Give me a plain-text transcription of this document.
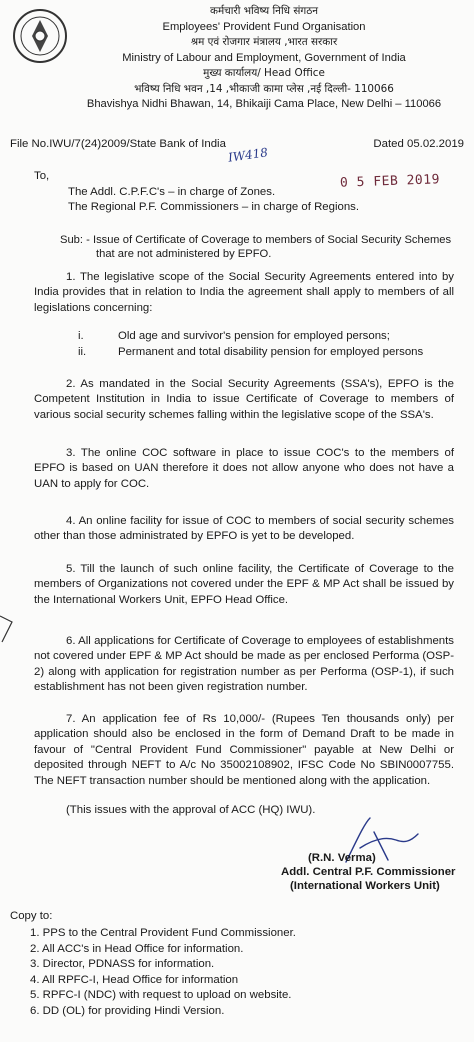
कर्मचारी भविष्य निधि संगठन
Employees' Provident Fund Organisation
श्रम एवं रोजगार मंत्रालय ,भारत सरकार
Ministry of Labour and Employment, Government of India
मुख्य कार्यालय/ Head Office
भविष्य निधि भवन ,14 ,भीकाजी कामा प्लेस ,नई दिल्ली- 110066
Bhavishya Nidhi Bhawan, 14, Bhikaiji Cama Place, New Delhi – 110066
File No.IWU/7(24)2009/State Bank of India	Dated 05.02.2019
IW418
0 5 FEB 2019
To,
The Addl. C.P.F.C's – in charge of Zones.
The Regional P.F. Commissioners – in charge of Regions.
Sub: - Issue of Certificate of Coverage to members of Social Security Schemes
that are not administered by EPFO.
1. The legislative scope of the Social Security Agreements entered into by India provides that in relation to India the agreement shall apply to members of all legislations concerning:
i.	Old age and survivor's pension for employed persons;
ii.	Permanent and total disability pension for employed persons
2. As mandated in the Social Security Agreements (SSA's), EPFO is the Competent Institution in India to issue Certificate of Coverage to members of various social security schemes falling within the legislative scope of the SSA's.
3. The online COC software in place to issue COC's to the members of EPFO is based on UAN therefore it does not allow anyone who does not have a UAN to apply for COC.
4. An online facility for issue of COC to members of social security schemes other than those administrated by EPFO is yet to be developed.
5. Till the launch of such online facility, the Certificate of Coverage to the members of Organizations not covered under the EPF & MP Act shall be issued by the International Workers Unit, EPFO Head Office.
6. All applications for Certificate of Coverage to employees of establishments not covered under EPF & MP Act should be made as per enclosed Performa (OSP-2) along with application for registration number as per Performa (OSP-1), if such establishment has not been given registration number.
7. An application fee of Rs 10,000/- (Rupees Ten thousands only) per application should also be enclosed in the form of Demand Draft to be made in favour of "Central Provident Fund Commissioner" payable at New Delhi or deposited through NEFT to A/c No 35002108902, IFSC Code No SBIN0007755. The NEFT transaction number should be mentioned along with the application.
(This issues with the approval of ACC (HQ) IWU).
(R.N. Verma)
Addl. Central P.F. Commissioner
(International Workers Unit)
Copy to:
1. PPS to the Central Provident Fund Commissioner.
2. All ACC's in Head Office for information.
3. Director, PDNASS for information.
4. All RPFC-I, Head Office for information
5. RPFC-I (NDC) with request to upload on website.
6. DD (OL) for providing Hindi Version.
